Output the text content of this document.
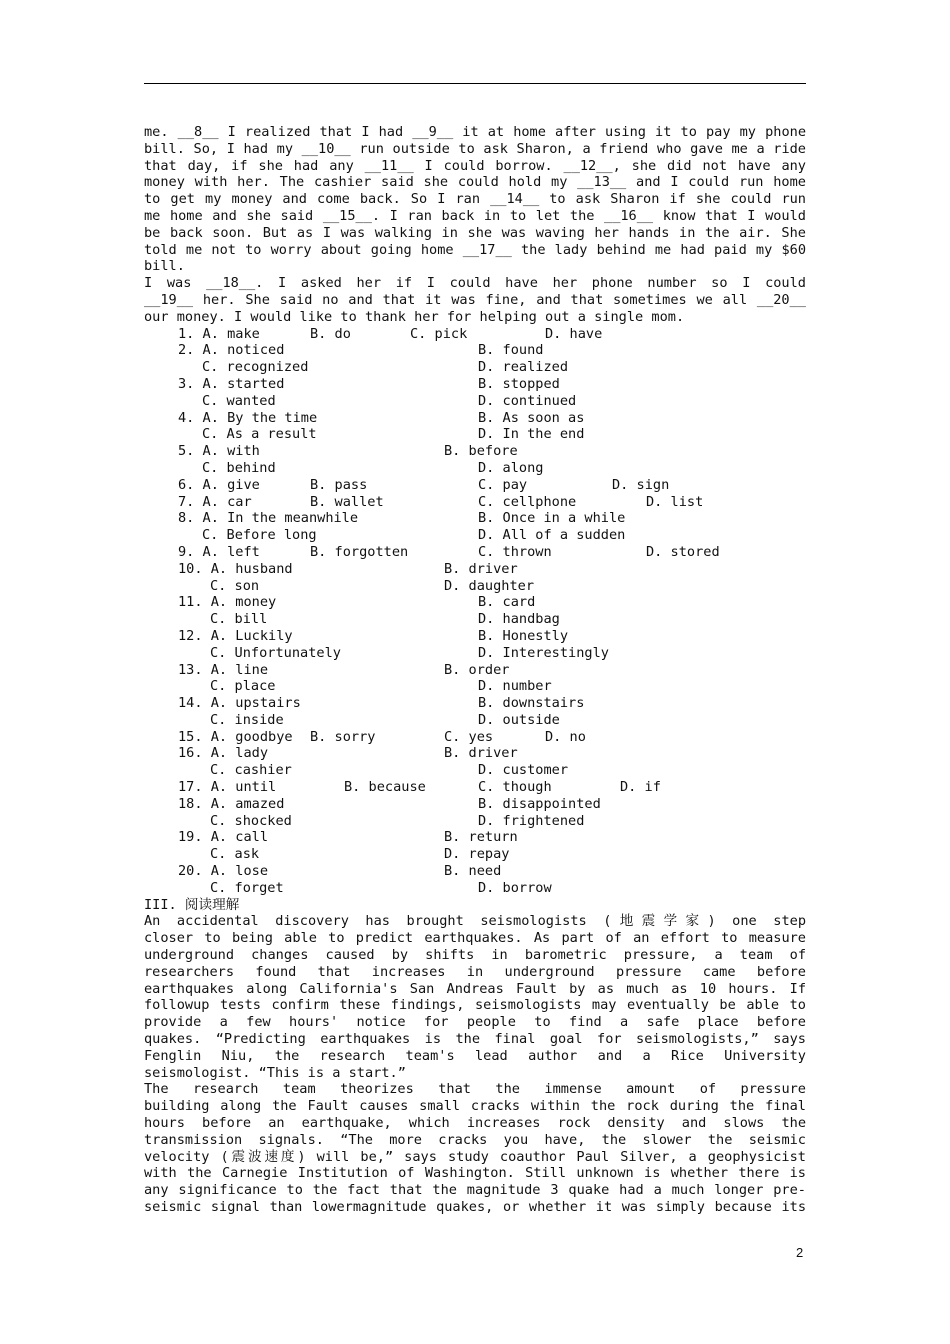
me. __8__ I realized that I had __9__ it at home after using it to pay my phone
bill. So, I had my __10__ run outside to ask Sharon, a friend who gave me a ride
that day, if she had any __11__ I could borrow. __12__, she did not have any
money with her. The cashier said she could hold my __13__ and I could run home
to get my money and come back. So I ran __14__ to ask Sharon if she could run
me home and she said __15__. I ran back in to let the __16__ know that I would
be back soon. But as I was walking in she was waving her hands in the air. She
told me not to worry about going home __17__ the lady behind me had paid my $60
bill.
I was __18__. I asked her if I could have her phone number so I could
__19__ her. She said no and that it was fine, and that sometimes we all __20__
our money. I would like to thank her for helping out a single mom.
1. A. make	B. do	C. pick	D. have
2. A. noticed	B. found
C. recognized	D. realized
3. A. started	B. stopped
C. wanted	D. continued
4. A. By the time	B. As soon as
C. As a result	D. In the end
5. A. with	B. before
C. behind	D. along
6. A. give	B. pass	C. pay	D. sign
7. A. car	B. wallet	C. cellphone	D. list
8. A. In the meanwhile	B. Once in a while
C. Before long	D. All of a sudden
9. A. left	B. forgotten	C. thrown	D. stored
10. A. husband	B. driver
C. son	D. daughter
11. A. money	B. card
C. bill	D. handbag
12. A. Luckily	B. Honestly
C. Unfortunately	D. Interestingly
13. A. line	B. order
C. place	D. number
14. A. upstairs	B. downstairs
C. inside	D. outside
15. A. goodbye B. sorry	C. yes	D. no
16. A. lady	B. driver
C. cashier	D. customer
17. A. until	B. because	C. though	D. if
18. A. amazed	B. disappointed
C. shocked	D. frightened
19. A. call	B. return
C. ask	D. repay
20. A. lose	B. need
C. forget	D. borrow
III. 阅读理解
An accidental discovery has brought seismologists (地震学家) one step
closer to being able to predict earthquakes. As part of an effort to measure
underground changes caused by shifts in barometric pressure, a team of
researchers found that increases in underground pressure came before
earthquakes along California's San Andreas Fault by as much as 10 hours. If
followup tests confirm these findings, seismologists may eventually be able to
provide a few hours' notice for people to find a safe place before
quakes. “Predicting earthquakes is the final goal for seismologists,” says
Fenglin Niu, the research team's lead author and a Rice University
seismologist. “This is a start.”
The research team theorizes that the immense amount of pressure
building along the Fault causes small cracks within the rock during the final
hours before an earthquake, which increases rock density and slows the
transmission signals. “The more cracks you have, the slower the seismic
velocity (震波速度) will be,” says study coauthor Paul Silver, a geophysicist
with the Carnegie Institution of Washington. Still unknown is whether there is
any significance to the fact that the magnitude 3 quake had a much longer pre-
seismic signal than lowermagnitude quakes, or whether it was simply because its
2
